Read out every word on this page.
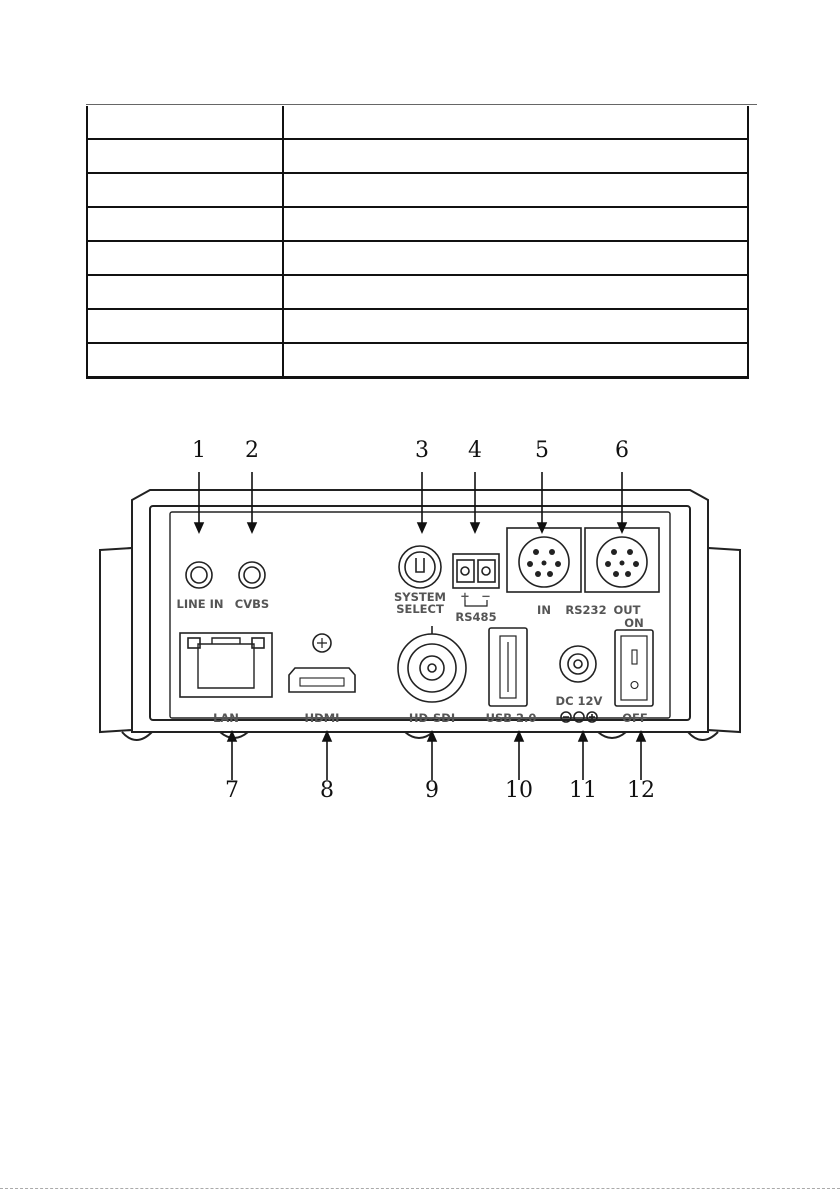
1	2	3	4	5	6
7	8	9	10 11 12
LINE IN CVBS	SYSTEM
SELECT
+ −
RS485	IN	RS232 OUT
ON
LAN	HDMI	HD-SDI	USB 2.0
DC 12V
OFF
